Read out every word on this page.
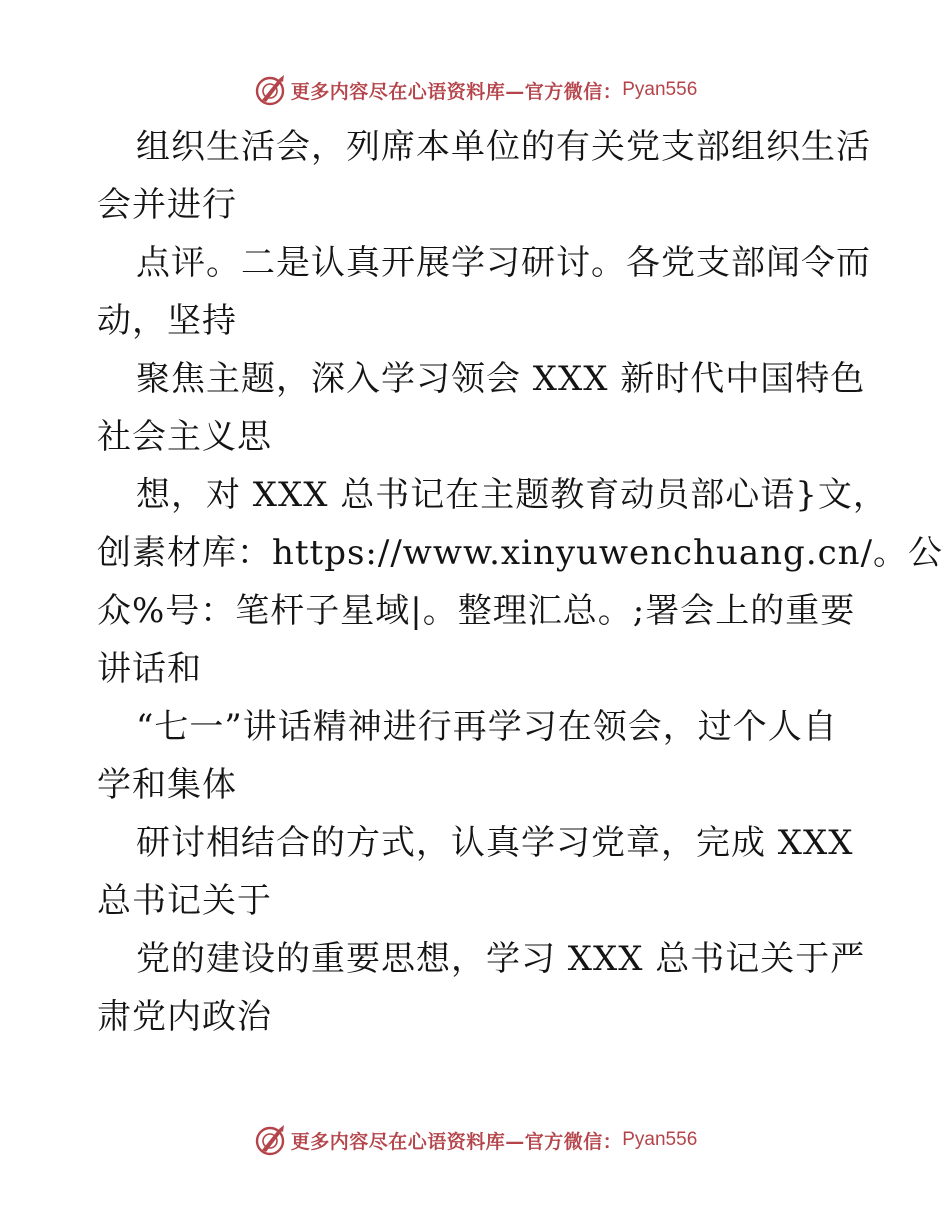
更多内容尽在心语资料库—官方微信： Pyan556
组织生活会，列席本单位的有关党支部组织生活
会并进行
点评。二是认真开展学习研讨。各党支部闻令而
动，坚持
聚焦主题，深入学习领会 XXX 新时代中国特色
社会主义思
想，对 XXX 总书记在主题教育动员部心语}文，
创素材库：https://www.xinyuwenchuang.cn/。公
众%号：笔杆子星域|。整理汇总。;署会上的重要
讲话和
“七一”讲话精神进行再学习在领会，过个人自
学和集体
研讨相结合的方式，认真学习党章，完成 XXX
总书记关于
党的建设的重要思想，学习 XXX 总书记关于严
肃党内政治
更多内容尽在心语资料库—官方微信： Pyan556
